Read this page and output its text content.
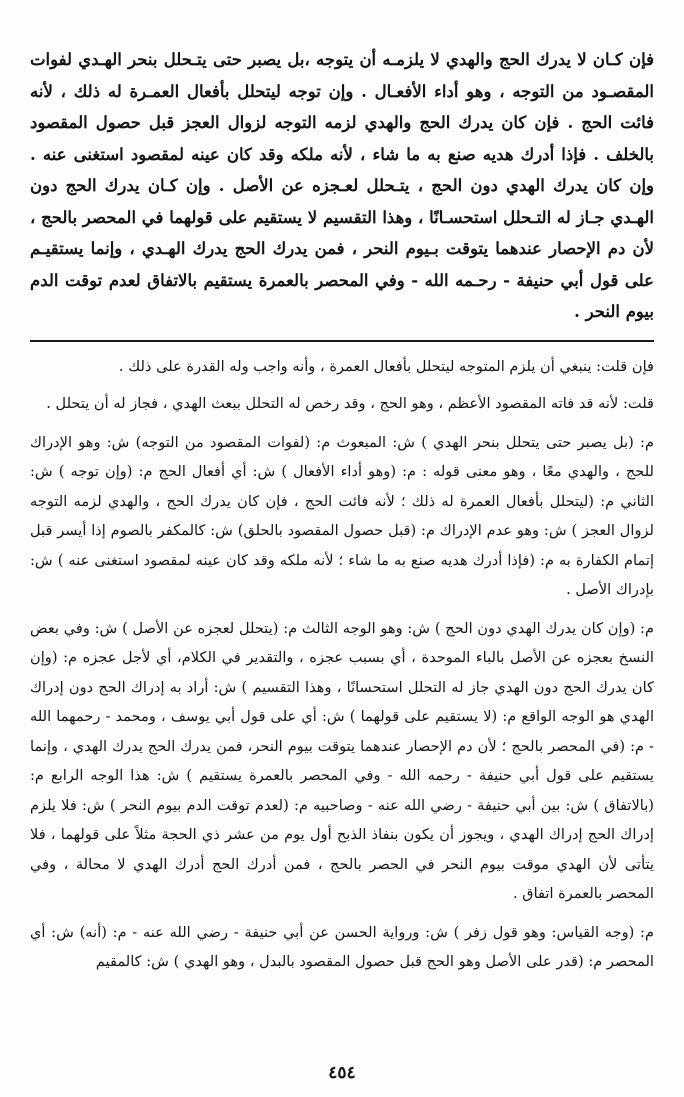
فإن كـان لا يدرك الحج والهدي لا يلزمـه أن يتوجه ،بل يصبر حتى يتـحلل بنحر الهـدي لفوات المقصـود من التوجه ، وهو أداء الأفعـال . وإن توجه ليتحلل بأفعال العمـرة له ذلك ، لأنه فائت الحج . فإن كان يدرك الحج والهدي لزمه التوجه لزوال العجز قبل حصول المقصود بالخلف . فإذا أدرك هديه صنع به ما شاء ، لأنه ملكه وقد كان عينه لمقصود استغنى عنه . وإن كان يدرك الهدي دون الحج ، يتـحلل لعـجزه عن الأصل . وإن كـان يدرك الحج دون الهـدي جـاز له التـحلل استحسـانًا ، وهذا التقسيم لا يستقيم على قولهما في المحصر بالحج ، لأن دم الإحصار عندهما يتوقت بـيوم النحر ، فمن يدرك الحج يدرك الهـدي ، وإنما يستقيـم على قول أبي حنيفة - رحـمه الله - وفي المحصر بالعمرة يستقيم بالاتفاق لعدم توقت الدم بيوم النحر .

فإن قلت: ينبغي أن يلزم المتوجه ليتحلل بأفعال العمرة ، وأنه واجب وله القدرة على ذلك .

قلت: لأنه قد فاته المقصود الأعظم ، وهو الحج ، وقد رخص له التحلل ببعث الهدي ، فجاز له أن يتحلل .

م: (بل يصبر حتى يتحلل بنحر الهدي ) ش: المبعوث م: (لفوات المقصود من التوجه) ش: وهو الإدراك للحج ، والهدي معًا ، وهو معنى قوله : م: (وهو أداء الأفعال ) ش: أي أفعال الحج م: (وإن توجه ) ش: الثاني م: (ليتحلل بأفعال العمرة له ذلك ؛ لأنه فائت الحج ، فإن كان يدرك الحج ، والهدي لزمه التوجه لزوال العجز ) ش: وهو عدم الإدراك م: (قبل حصول المقصود بالحلق) ش: كالمكفر بالصوم إذا أيسر قبل إتمام الكفارة به م: (فإذا أدرك هديه صنع به ما شاء ؛ لأنه ملكه وقد كان عينه لمقصود استغنى عنه ) ش: بإدراك الأصل .

م: (وإن كان يدرك الهدي دون الحج ) ش: وهو الوجه الثالث م: (يتحلل لعجزه عن الأصل ) ش: وفي بعض النسخ بعجزه عن الأصل بالباء الموحدة ، أي بسبب عجزه ، والتقدير في الكلام، أي لأجل عجزه م: (وإن كان يدرك الحج دون الهدي جاز له التحلل استحسانًا ، وهذا التقسيم ) ش: أراد به إدراك الحج دون إدراك الهدي هو الوجه الواقع م: (لا يستقيم على قولهما ) ش: أي على قول أبي يوسف ، ومحمد - رحمهما الله - م: (في المحصر بالحج ؛ لأن دم الإحصار عندهما يتوقت بيوم النحر، فمن يدرك الحج يدرك الهدي ، وإنما يستقيم على قول أبي حنيفة - رحمه الله - وفي المحصر بالعمرة يستقيم ) ش: هذا الوجه الرابع م: (بالاتفاق ) ش: بين أبي حنيفة - رضي الله عنه - وصاحبيه م: (لعدم توقت الدم بيوم النحر ) ش: فلا يلزم إدراك الحج إدراك الهدي ، ويجوز أن يكون بنفاذ الذبح أول يوم من عشر ذي الحجة مثلاً على قولهما ، فلا يتأتى لأن الهدي موقت بيوم النحر في الحصر بالحج ، فمن أدرك الحج أدرك الهدي لا محالة ، وفي المحصر بالعمرة اتفاق .

م: (وجه القياس: وهو قول زفر ) ش: ورواية الحسن عن أبي حنيفة - رضي الله عنه - م: (أنه) ش: أي المحصر م: (قدر على الأصل وهو الحج قبل حصول المقصود بالبدل ، وهو الهدي ) ش: كالمقيم

٤٥٤
